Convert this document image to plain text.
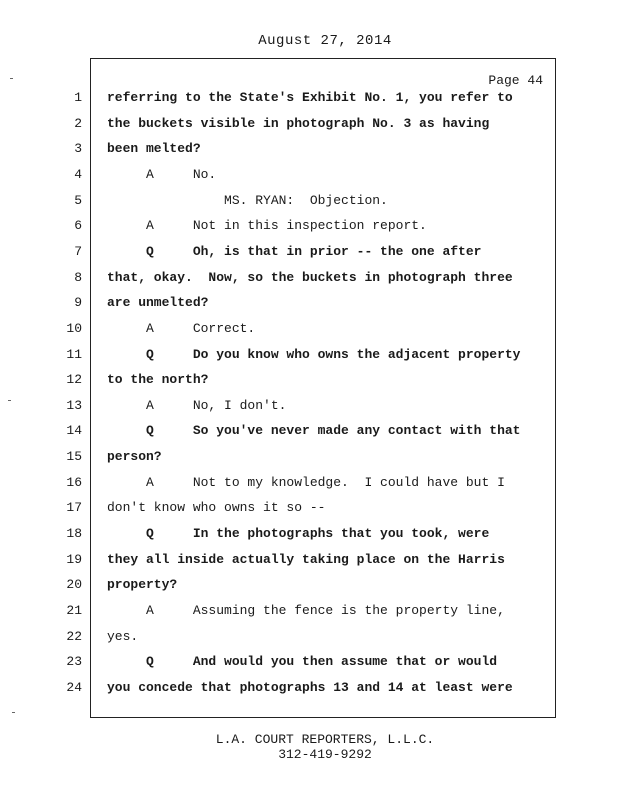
August 27, 2014
Page 44
1 referring to the State's Exhibit No. 1, you refer to
2 the buckets visible in photograph No. 3 as having
3 been melted?
4 A     No.
5 MS. RYAN:  Objection.
6 A     Not in this inspection report.
7 Q     Oh, is that in prior -- the one after
8 that, okay.  Now, so the buckets in photograph three
9 are unmelted?
10 A     Correct.
11 Q     Do you know who owns the adjacent property
12 to the north?
13 A     No, I don't.
14 Q     So you've never made any contact with that
15 person?
16 A     Not to my knowledge.  I could have but I
17 don't know who owns it so --
18 Q     In the photographs that you took, were
19 they all inside actually taking place on the Harris
20 property?
21 A     Assuming the fence is the property line,
22 yes.
23 Q     And would you then assume that or would
24 you concede that photographs 13 and 14 at least were
L.A. COURT REPORTERS, L.L.C.
312-419-9292
